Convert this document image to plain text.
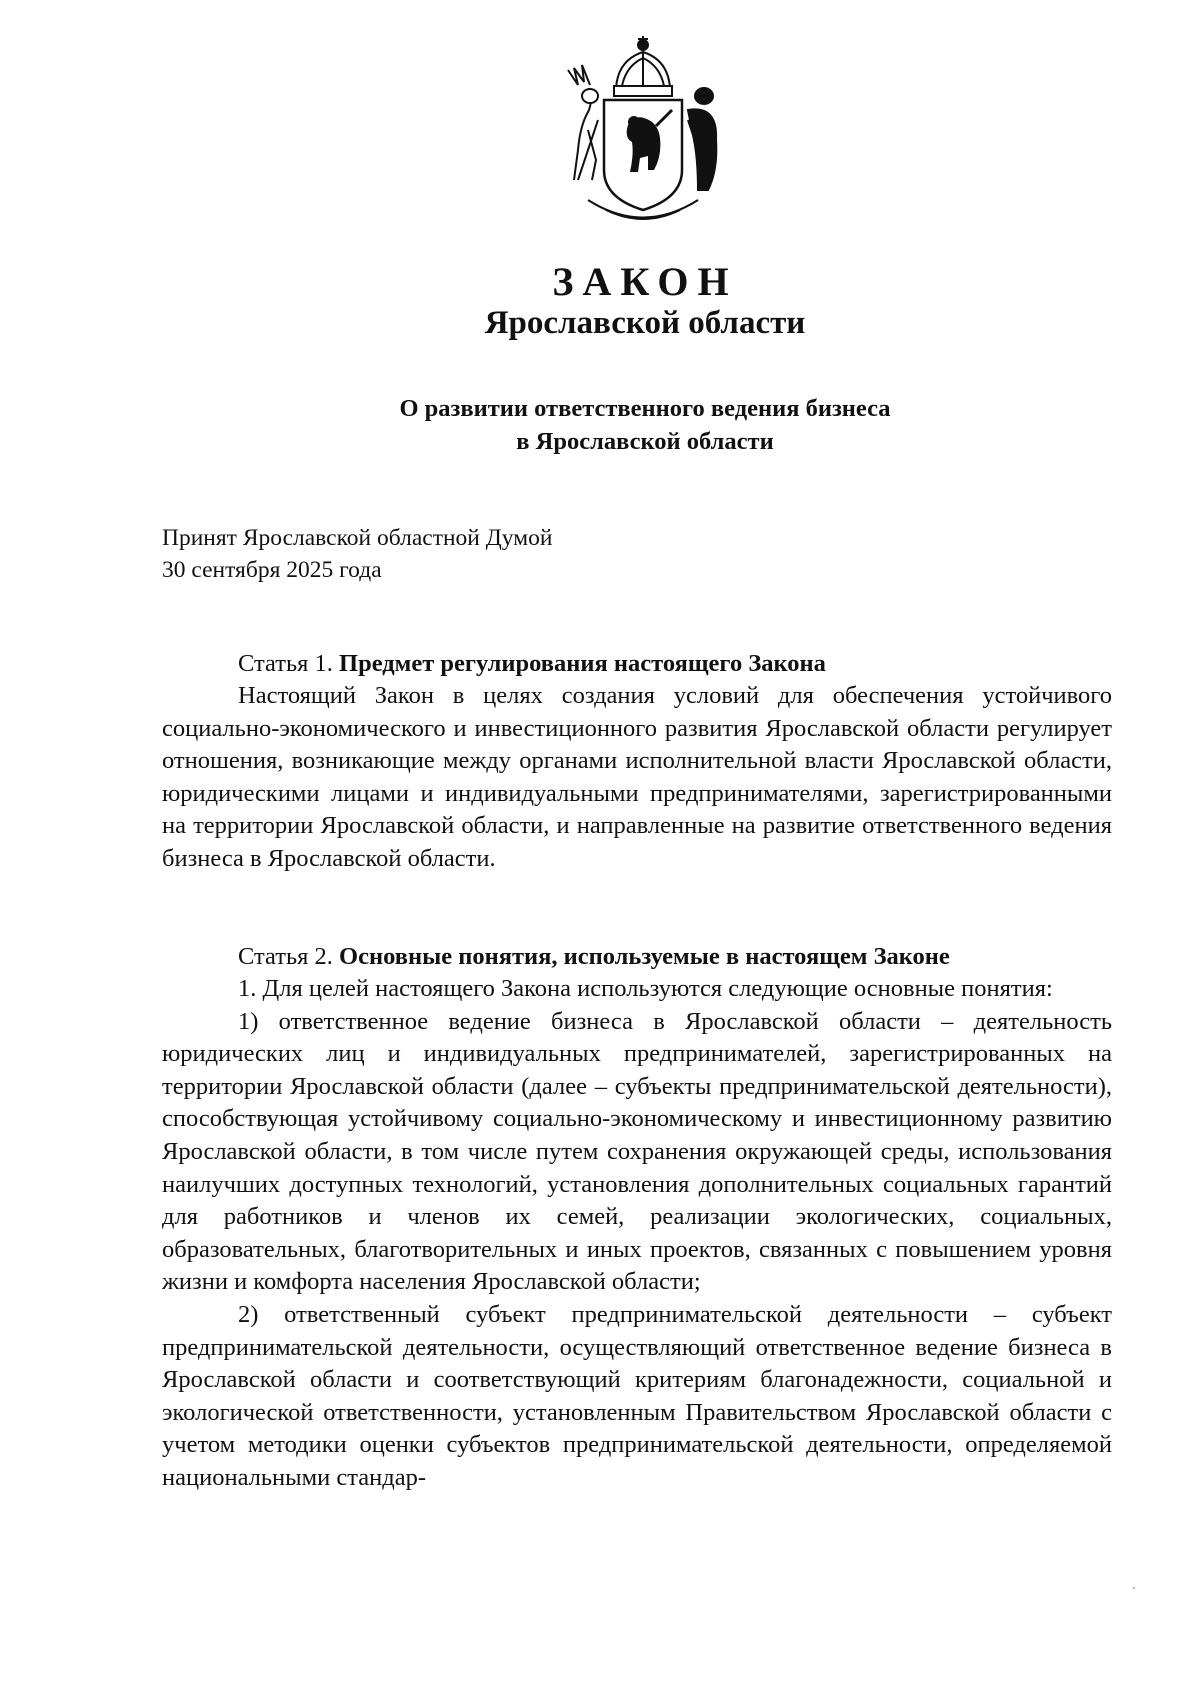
ЗАКОН
Ярославской области
О развитии ответственного ведения бизнеса
в Ярославской области
Принят Ярославской областной Думой
30 сентября 2025 года
Статья 1. Предмет регулирования настоящего Закона

Настоящий Закон в целях создания условий для обеспечения устойчивого социально-экономического и инвестиционного развития Ярославской области регулирует отношения, возникающие между органами исполнительной власти Ярославской области, юридическими лицами и индивидуальными предпринимателями, зарегистрированными на территории Ярославской области, и направленные на развитие ответственного ведения бизнеса в Ярославской области.

Статья 2. Основные понятия, используемые в настоящем Законе

1. Для целей настоящего Закона используются следующие основные понятия:

1) ответственное ведение бизнеса в Ярославской области – деятельность юридических лиц и индивидуальных предпринимателей, зарегистрированных на территории Ярославской области (далее – субъекты предпринимательской деятельности), способствующая устойчивому социально-экономическому и инвестиционному развитию Ярославской области, в том числе путем сохранения окружающей среды, использования наилучших доступных технологий, установления дополнительных социальных гарантий для работников и членов их семей, реализации экологических, социальных, образовательных, благотворительных и иных проектов, связанных с повышением уровня жизни и комфорта населения Ярославской области;

2) ответственный субъект предпринимательской деятельности – субъект предпринимательской деятельности, осуществляющий ответственное ведение бизнеса в Ярославской области и соответствующий критериям благонадежности, социальной и экологической ответственности, установленным Правительством Ярославской области с учетом методики оценки субъектов предпринимательской деятельности, определяемой национальными стандар-
